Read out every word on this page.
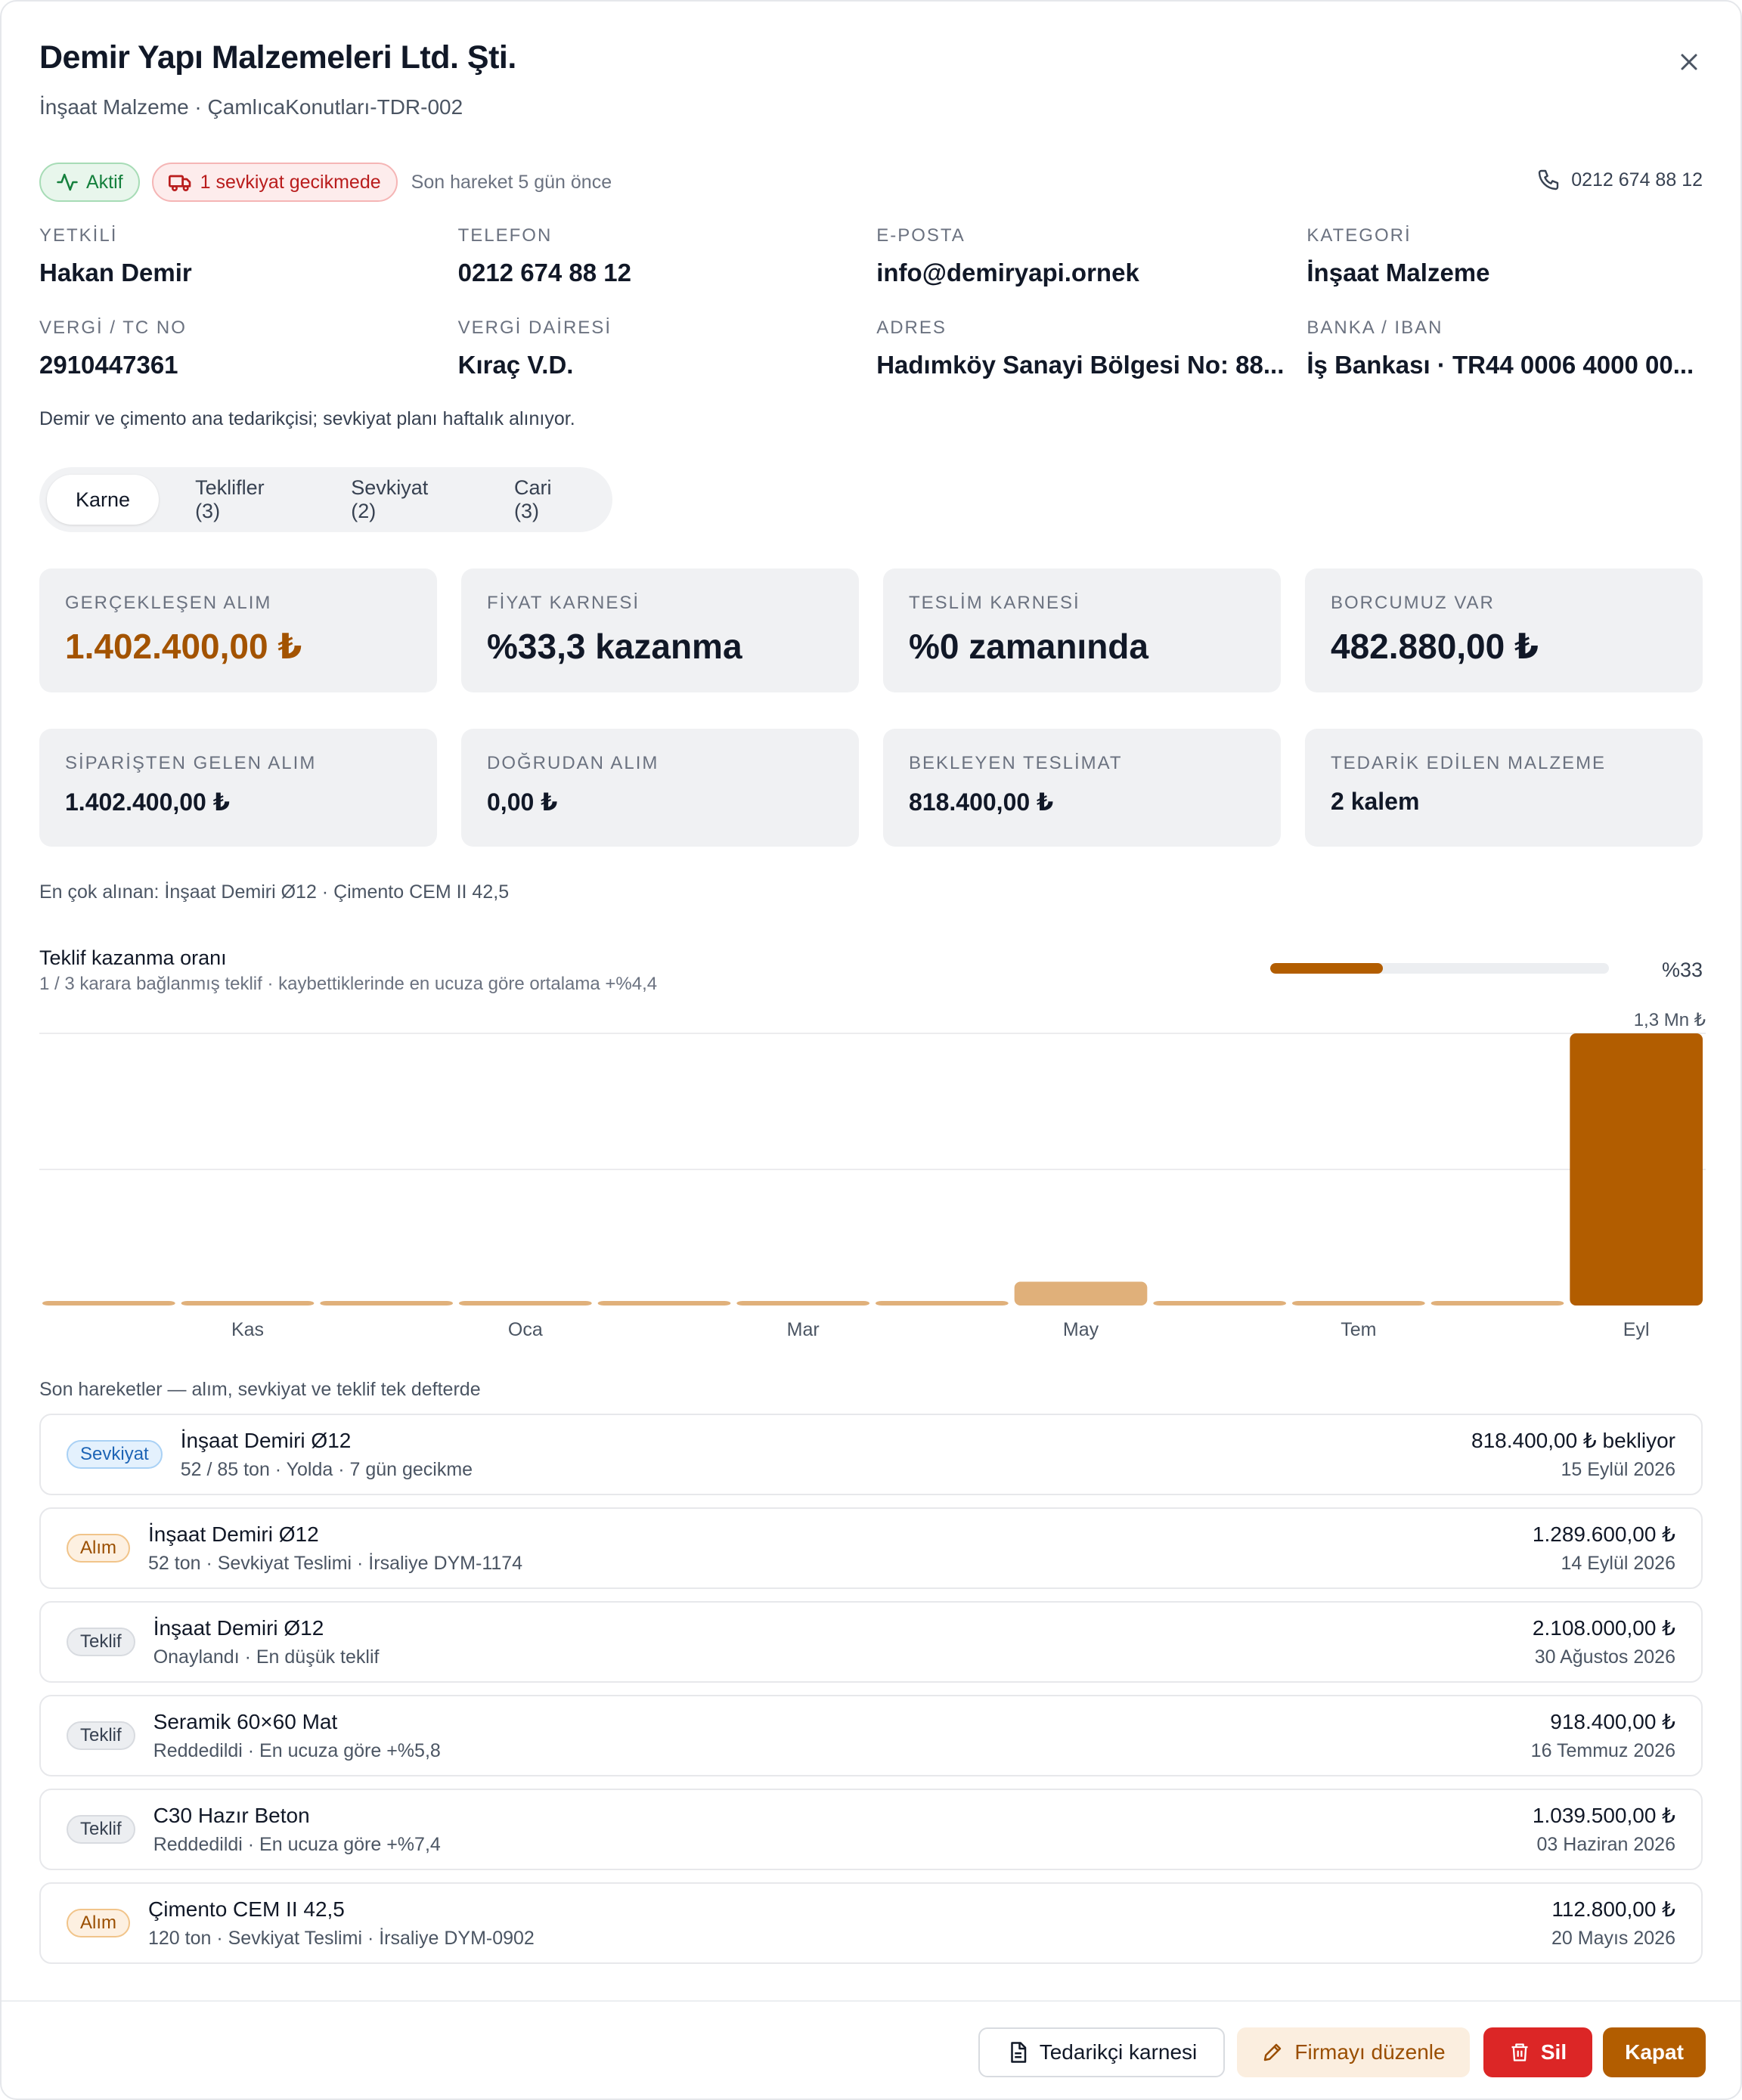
Demir Yapı Malzemeleri Ltd. Şti.
İnşaat Malzeme · ÇamlıcaKonutları-TDR-002
Aktif	1 sevkiyat gecikmede Son hareket 5 gün önce	0212 674 88 12
YETKİLİ
Hakan Demir
TELEFON
0212 674 88 12
E-POSTA
info@demiryapi.ornek
KATEGORİ
İnşaat Malzeme
VERGİ / TC NO
2910447361
VERGİ DAİRESİ
Kıraç V.D.
ADRES
Hadımköy Sanayi Bölgesi No: 88...
BANKA / IBAN
İş Bankası · TR44 0006 4000 00...
Demir ve çimento ana tedarikçisi; sevkiyat planı haftalık alınıyor.
Karne
Teklifler (3)
Sevkiyat (2)
Cari (3)
GERÇEKLEŞEN ALIM
1.402.400,00 ₺
FİYAT KARNESİ
%33,3 kazanma
TESLİM KARNESİ
%0 zamanında
BORCUMUZ VAR
482.880,00 ₺
SİPARİŞTEN GELEN ALIM
1.402.400,00 ₺
DOĞRUDAN ALIM
0,00 ₺
BEKLEYEN TESLİMAT
818.400,00 ₺
TEDARİK EDİLEN MALZEME
2 kalem
En çok alınan: İnşaat Demiri Ø12 · Çimento CEM II 42,5
Teklif kazanma oranı
1 / 3 karara bağlanmış teklif · kaybettiklerinde en ucuza göre ortalama +%4,4
%33
Kas	Oca	Mar	May	Tem	Eyl
1,3 Mn ₺
Son hareketler — alım, sevkiyat ve teklif tek defterde
Sevkiyat
İnşaat Demiri Ø12
52 / 85 ton · Yolda · 7 gün gecikme
818.400,00 ₺ bekliyor
15 Eylül 2026
Alım
İnşaat Demiri Ø12
52 ton · Sevkiyat Teslimi · İrsaliye DYM-1174
1.289.600,00 ₺
14 Eylül 2026
Teklif
İnşaat Demiri Ø12
Onaylandı · En düşük teklif
2.108.000,00 ₺
30 Ağustos 2026
Teklif
Seramik 60×60 Mat
Reddedildi · En ucuza göre +%5,8
918.400,00 ₺
16 Temmuz 2026
Teklif
C30 Hazır Beton
Reddedildi · En ucuza göre +%7,4
1.039.500,00 ₺
03 Haziran 2026
Alım
Çimento CEM II 42,5
120 ton · Sevkiyat Teslimi · İrsaliye DYM-0902
112.800,00 ₺
20 Mayıs 2026
Tedarikçi karnesi	Firmayı düzenle	Sil	Kapat
